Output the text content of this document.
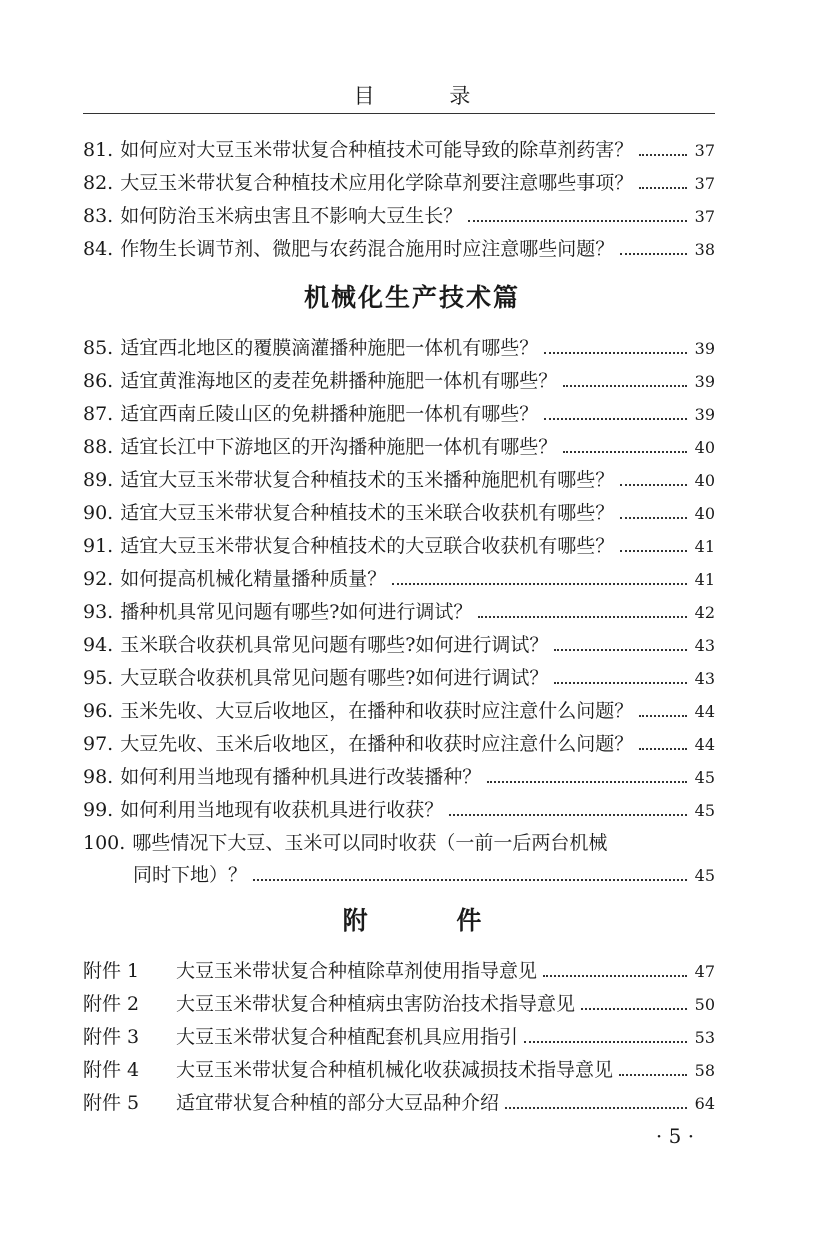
目 录
81. 如何应对大豆玉米带状复合种植技术可能导致的除草剂药害？	37
82. 大豆玉米带状复合种植技术应用化学除草剂要注意哪些事项？	37
83. 如何防治玉米病虫害且不影响大豆生长？	37
84. 作物生长调节剂、微肥与农药混合施用时应注意哪些问题？	38
机械化生产技术篇
85. 适宜西北地区的覆膜滴灌播种施肥一体机有哪些？	39
86. 适宜黄淮海地区的麦茬免耕播种施肥一体机有哪些？	39
87. 适宜西南丘陵山区的免耕播种施肥一体机有哪些？	39
88. 适宜长江中下游地区的开沟播种施肥一体机有哪些？	40
89. 适宜大豆玉米带状复合种植技术的玉米播种施肥机有哪些？	40
90. 适宜大豆玉米带状复合种植技术的玉米联合收获机有哪些？	40
91. 适宜大豆玉米带状复合种植技术的大豆联合收获机有哪些？	41
92. 如何提高机械化精量播种质量？	41
93. 播种机具常见问题有哪些?如何进行调试？	42
94. 玉米联合收获机具常见问题有哪些?如何进行调试？	43
95. 大豆联合收获机具常见问题有哪些?如何进行调试？	43
96. 玉米先收、大豆后收地区，在播种和收获时应注意什么问题？	44
97. 大豆先收、玉米后收地区，在播种和收获时应注意什么问题？	44
98. 如何利用当地现有播种机具进行改装播种？	45
99. 如何利用当地现有收获机具进行收获？	45
100. 哪些情况下大豆、玉米可以同时收获（一前一后两台机械
同时下地）？	45
附 件
附件 1	大豆玉米带状复合种植除草剂使用指导意见	47
附件 2	大豆玉米带状复合种植病虫害防治技术指导意见	50
附件 3	大豆玉米带状复合种植配套机具应用指引	53
附件 4	大豆玉米带状复合种植机械化收获减损技术指导意见	58
附件 5	适宜带状复合种植的部分大豆品种介绍	64
· 5 ·
